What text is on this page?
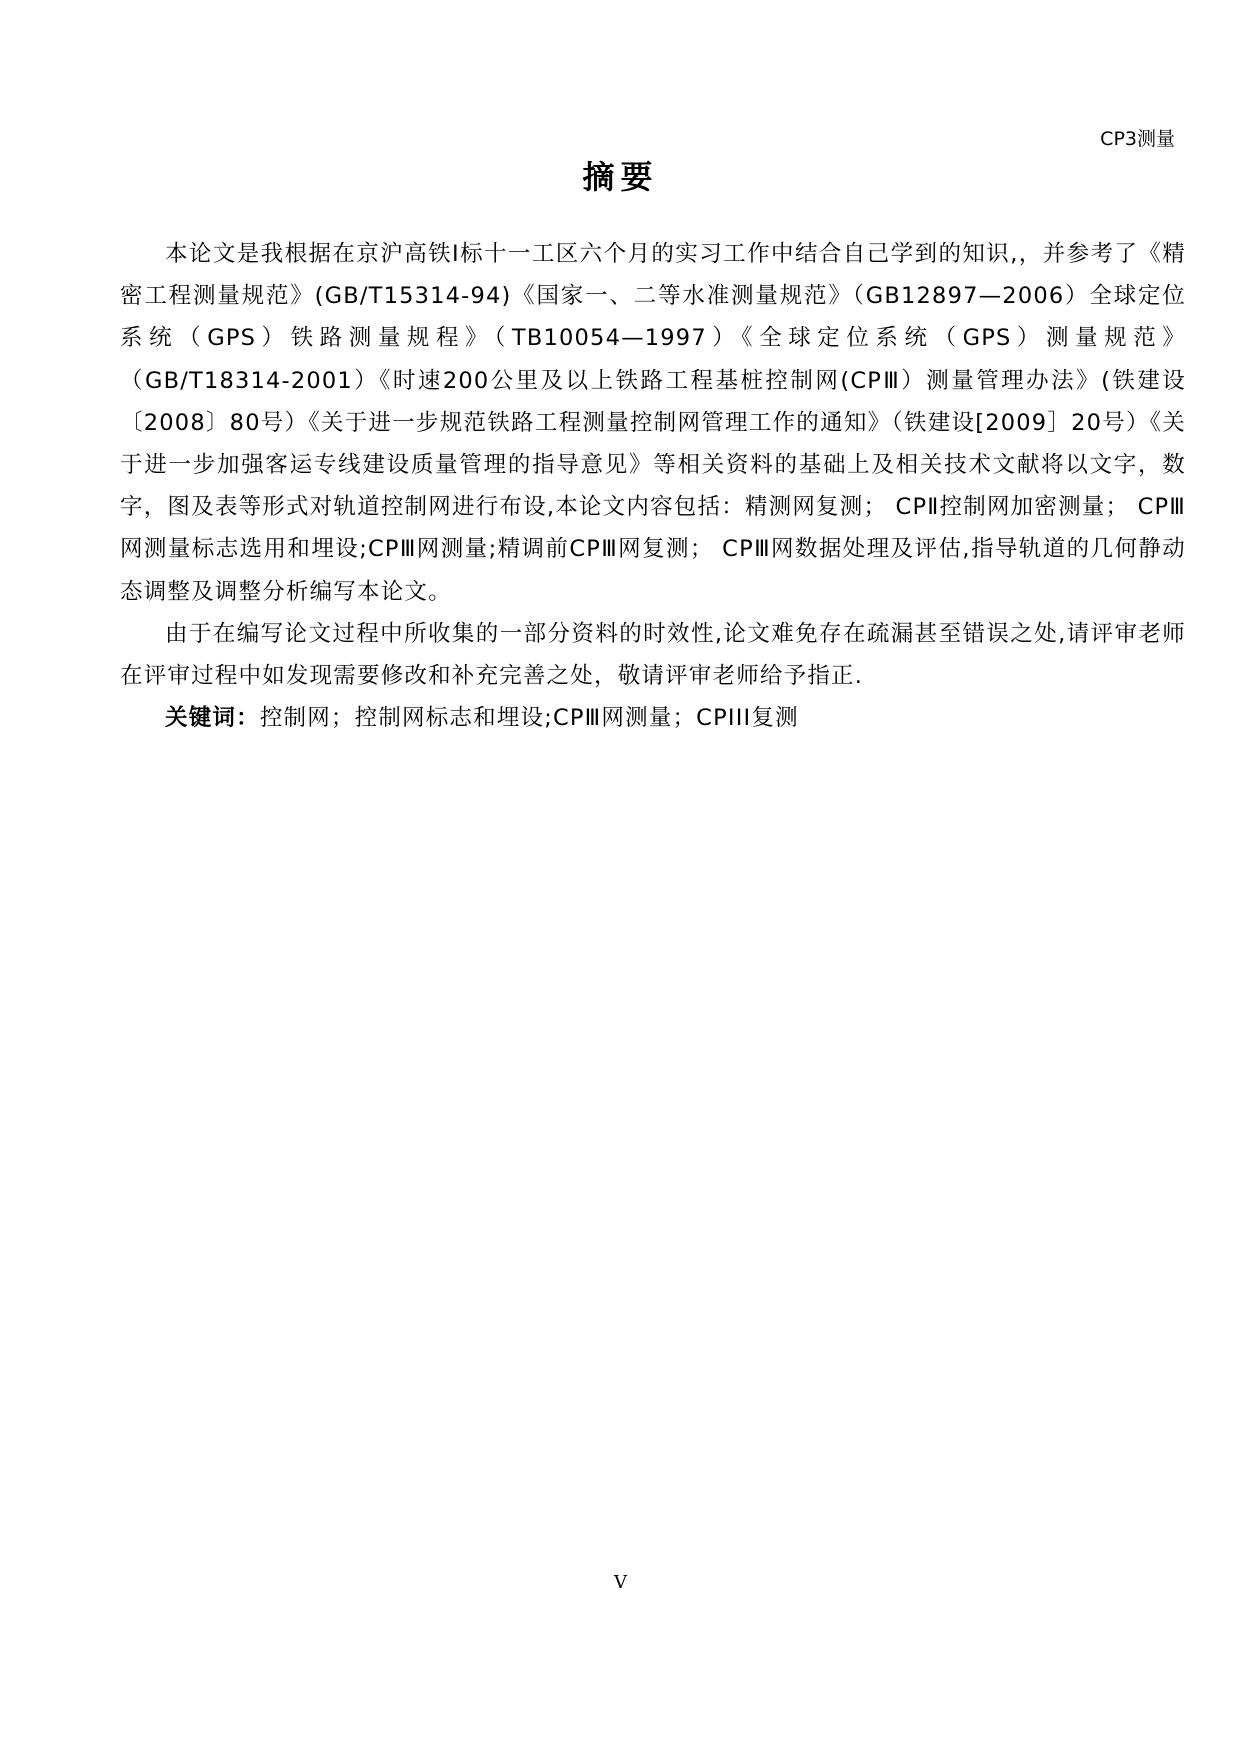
CP3测量
摘要

本论文是我根据在京沪高铁Ⅰ标十一工区六个月的实习工作中结合自己学到的知识,，并参考了《精密工程测量规范》(GB/T15314-94)《国家一、二等水准测量规范》（GB12897—2006）全球定位系统（GPS）铁路测量规程》（TB10054—1997）《全球定位系统（GPS）测量规范》（GB/T18314-2001）《时速200公里及以上铁路工程基桩控制网(CPⅢ）测量管理办法》(铁建设〔2008〕80号）《关于进一步规范铁路工程测量控制网管理工作的通知》（铁建设[2009］20号）《关于进一步加强客运专线建设质量管理的指导意见》等相关资料的基础上及相关技术文献将以文字，数字，图及表等形式对轨道控制网进行布设,本论文内容包括：精测网复测； CPⅡ控制网加密测量； CPⅢ网测量标志选用和埋设;CPⅢ网测量;精调前CPⅢ网复测； CPⅢ网数据处理及评估,指导轨道的几何静动态调整及调整分析编写本论文。

由于在编写论文过程中所收集的一部分资料的时效性,论文难免存在疏漏甚至错误之处,请评审老师在评审过程中如发现需要修改和补充完善之处，敬请评审老师给予指正.

关键词：控制网；控制网标志和埋设;CPⅢ网测量；CPIII复测

V
